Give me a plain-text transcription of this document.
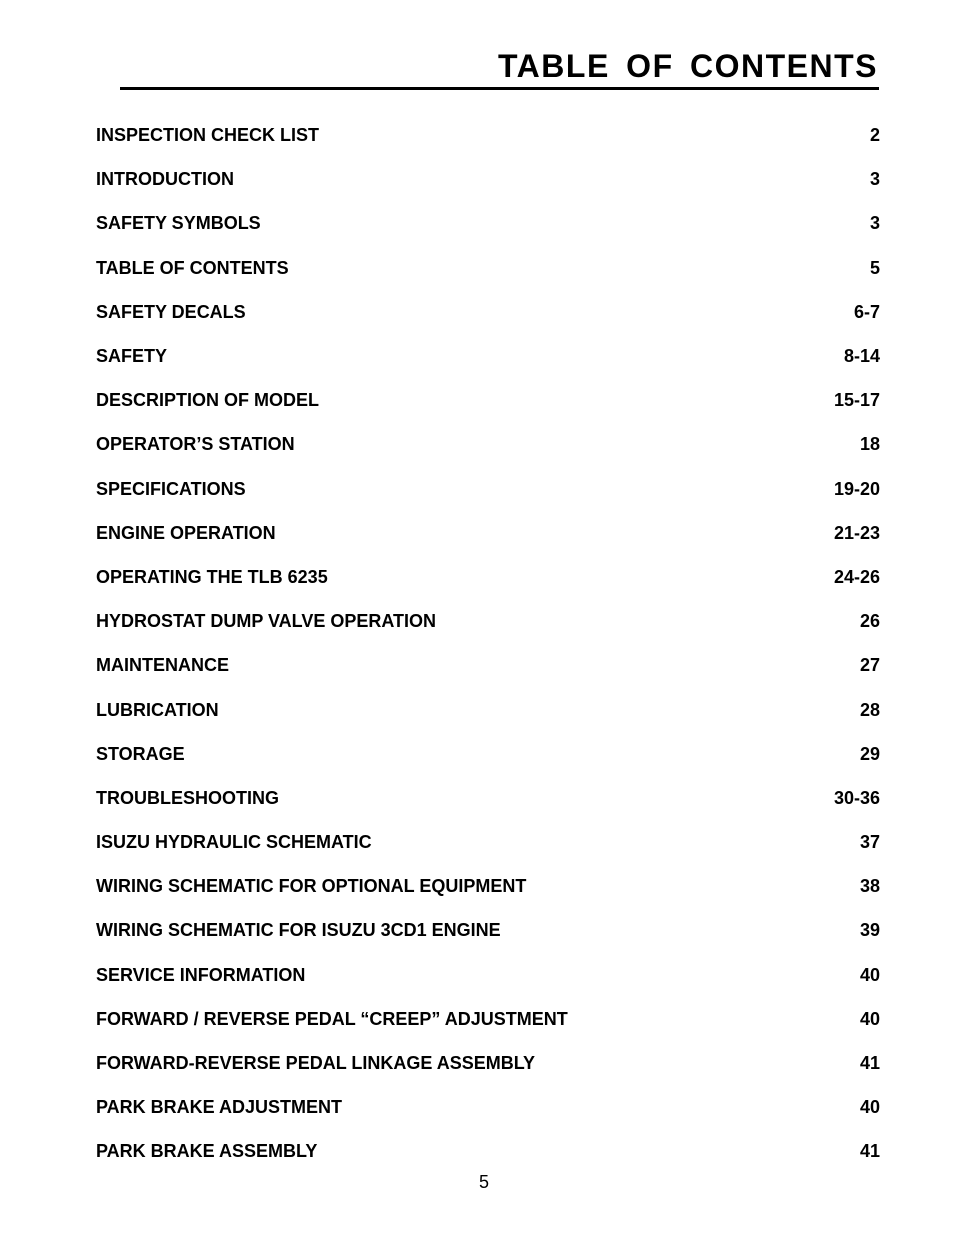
TABLE OF CONTENTS
INSPECTION CHECK LIST	2
INTRODUCTION	3
SAFETY SYMBOLS	3
TABLE OF CONTENTS	5
SAFETY DECALS	6-7
SAFETY	8-14
DESCRIPTION OF MODEL	15-17
OPERATOR’S STATION	18
SPECIFICATIONS	19-20
ENGINE OPERATION	21-23
OPERATING THE TLB 6235	24-26
HYDROSTAT DUMP VALVE OPERATION	26
MAINTENANCE	27
LUBRICATION	28
STORAGE	29
TROUBLESHOOTING	30-36
ISUZU HYDRAULIC SCHEMATIC	37
WIRING SCHEMATIC FOR OPTIONAL EQUIPMENT	38
WIRING SCHEMATIC FOR ISUZU 3CD1 ENGINE	39
SERVICE INFORMATION	40
FORWARD / REVERSE PEDAL “CREEP” ADJUSTMENT	40
FORWARD-REVERSE PEDAL LINKAGE ASSEMBLY	41
PARK BRAKE ADJUSTMENT	40
PARK BRAKE ASSEMBLY	41
5
